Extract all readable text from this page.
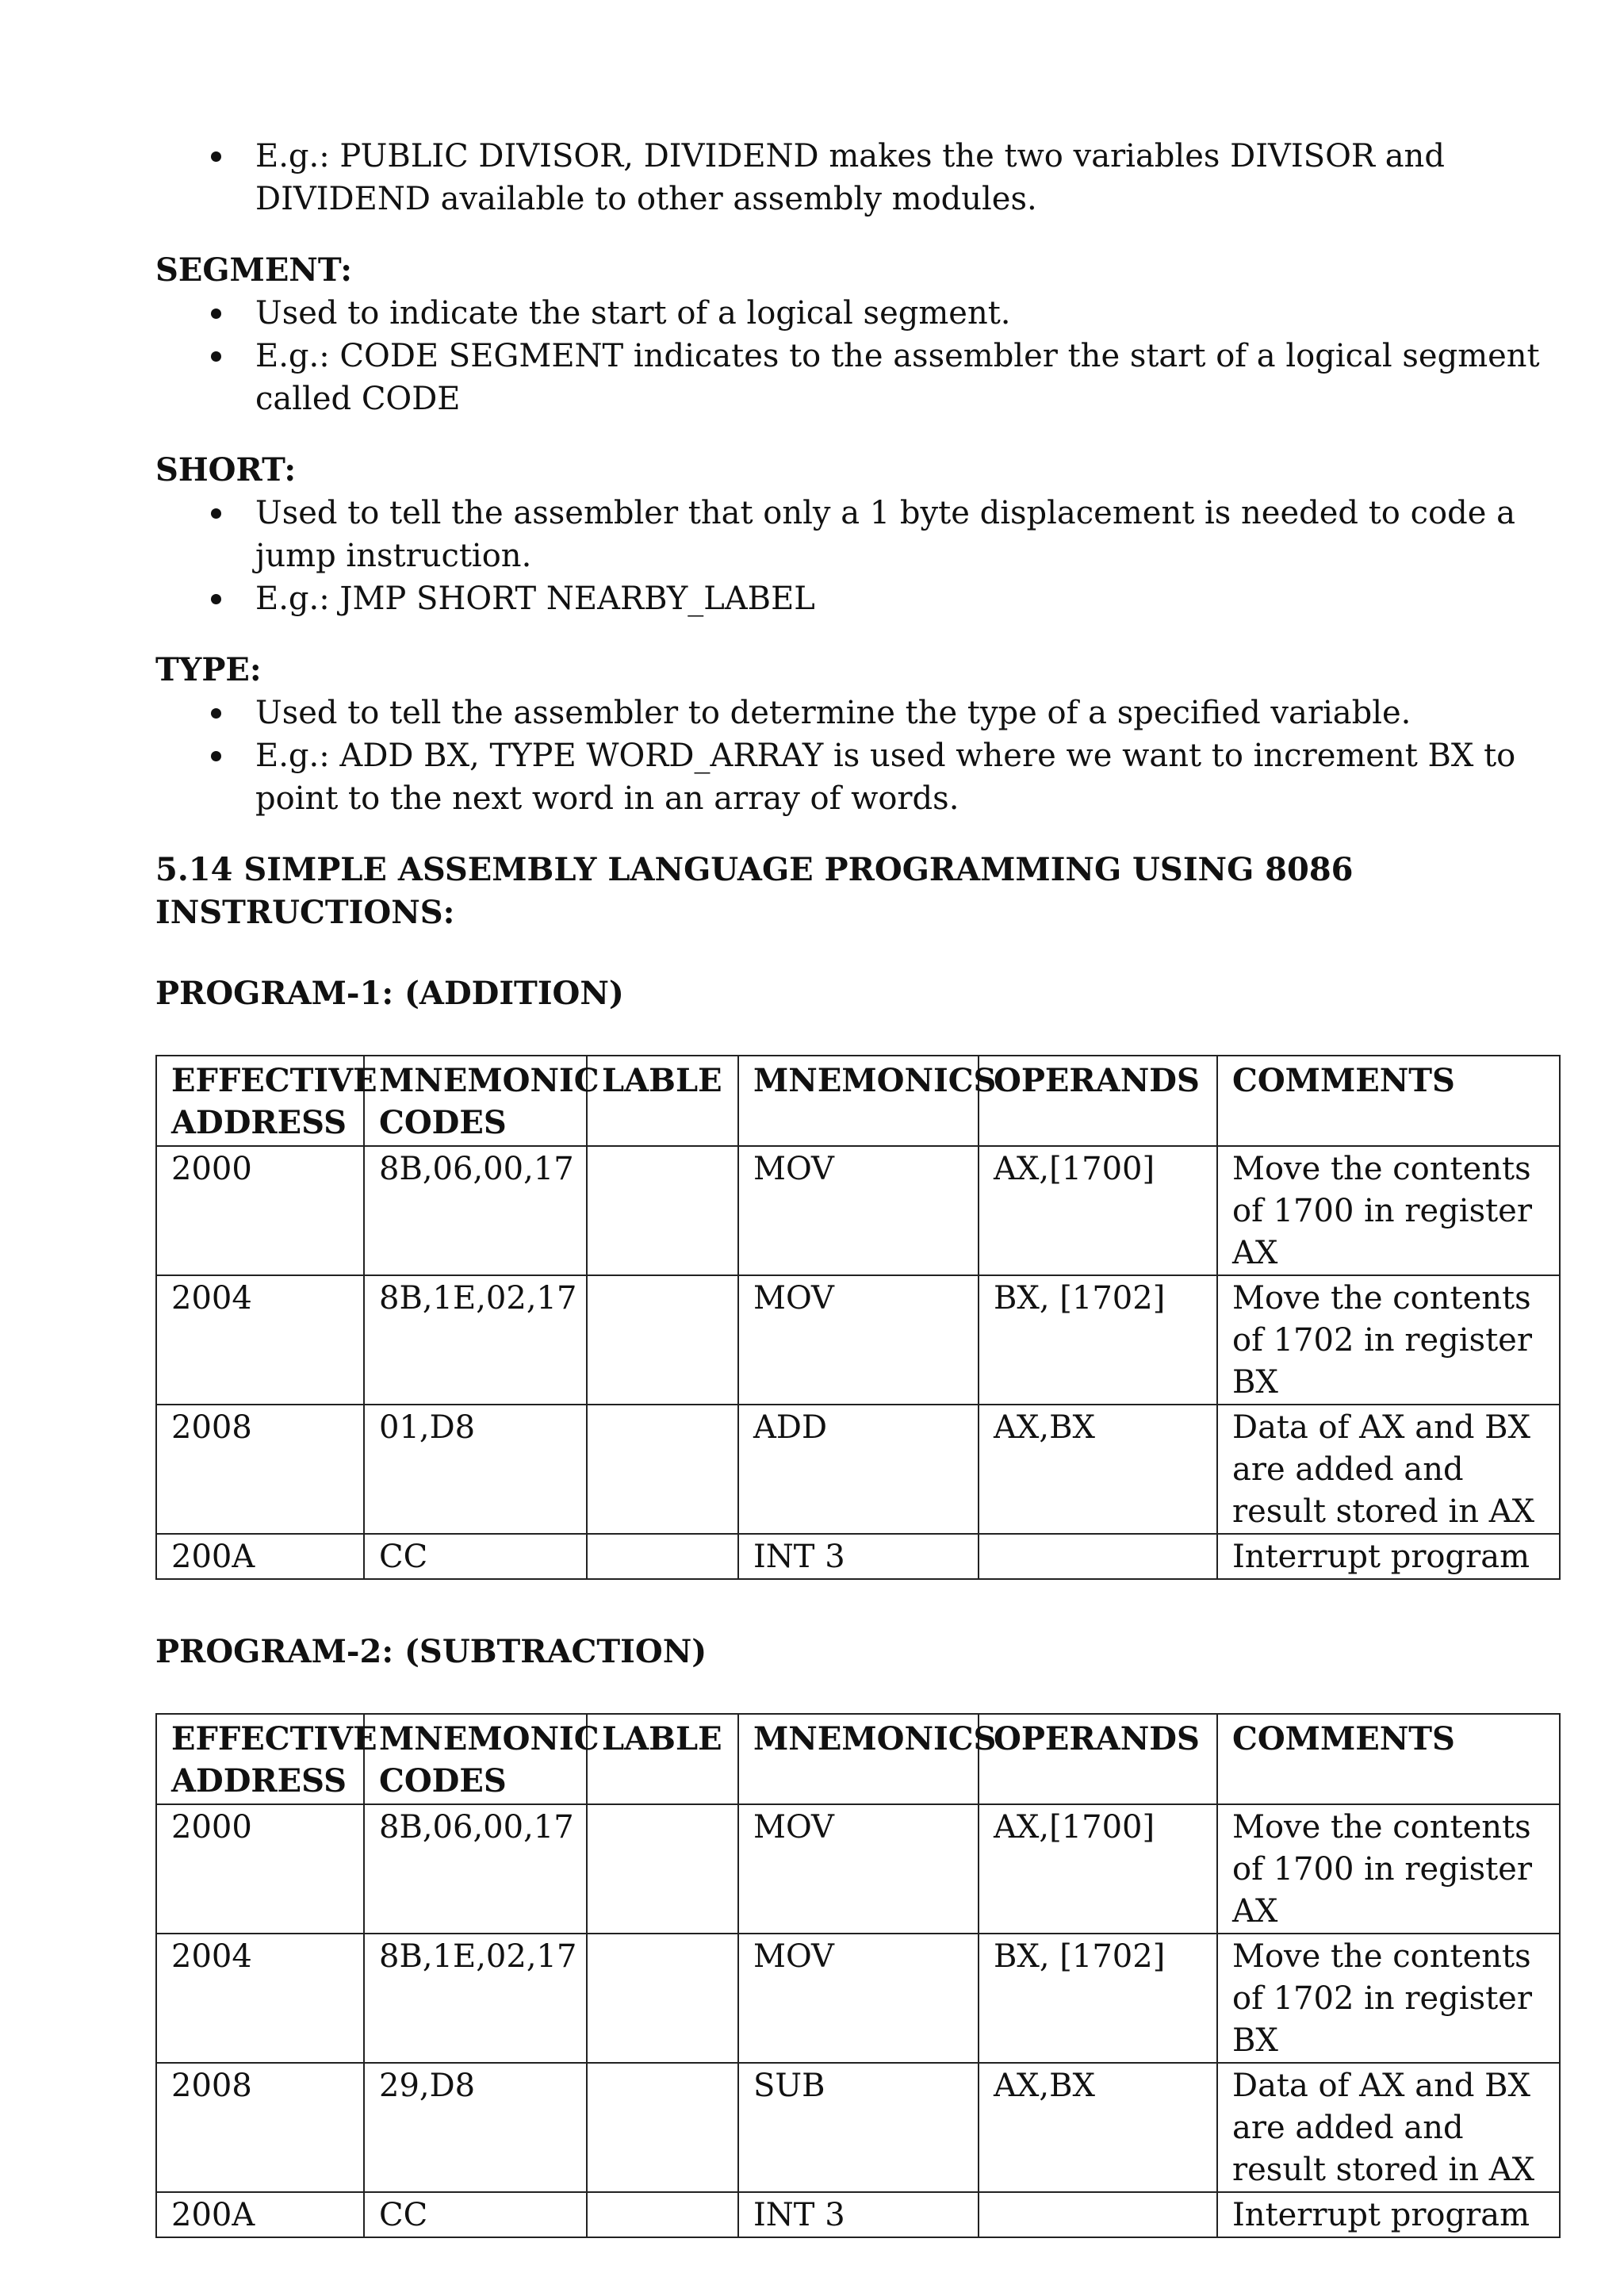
E.g.: PUBLIC DIVISOR, DIVIDEND makes the two variables DIVISOR and DIVIDEND available to other assembly modules.

SEGMENT:

Used to indicate the start of a logical segment.
E.g.: CODE SEGMENT indicates to the assembler the start of a logical segment called CODE

SHORT:

Used to tell the assembler that only a 1 byte displacement is needed to code a jump instruction.
E.g.: JMP SHORT NEARBY_LABEL

TYPE:

Used to tell the assembler to determine the type of a specified variable.
E.g.: ADD BX, TYPE WORD_ARRAY is used where we want to increment BX to point to the next word in an array of words.

5.14 SIMPLE ASSEMBLY LANGUAGE PROGRAMMING USING 8086 INSTRUCTIONS:

PROGRAM-1: (ADDITION)

EFFECTIVE ADDRESS	MNEMONIC CODES	LABLE	MNEMONICS	OPERANDS	COMMENTS
2000	8B,06,00,17		MOV	AX,[1700]	Move the contents of 1700 in register AX
2004	8B,1E,02,17		MOV	BX, [1702]	Move the contents of 1702 in register BX
2008	01,D8		ADD	AX,BX	Data of AX and BX are added and result stored in AX
200A	CC		INT 3		Interrupt program

PROGRAM-2: (SUBTRACTION)

EFFECTIVE ADDRESS	MNEMONIC CODES	LABLE	MNEMONICS	OPERANDS	COMMENTS
2000	8B,06,00,17		MOV	AX,[1700]	Move the contents of 1700 in register AX
2004	8B,1E,02,17		MOV	BX, [1702]	Move the contents of 1702 in register BX
2008	29,D8		SUB	AX,BX	Data of AX and BX are added and result stored in AX
200A	CC		INT 3		Interrupt program
